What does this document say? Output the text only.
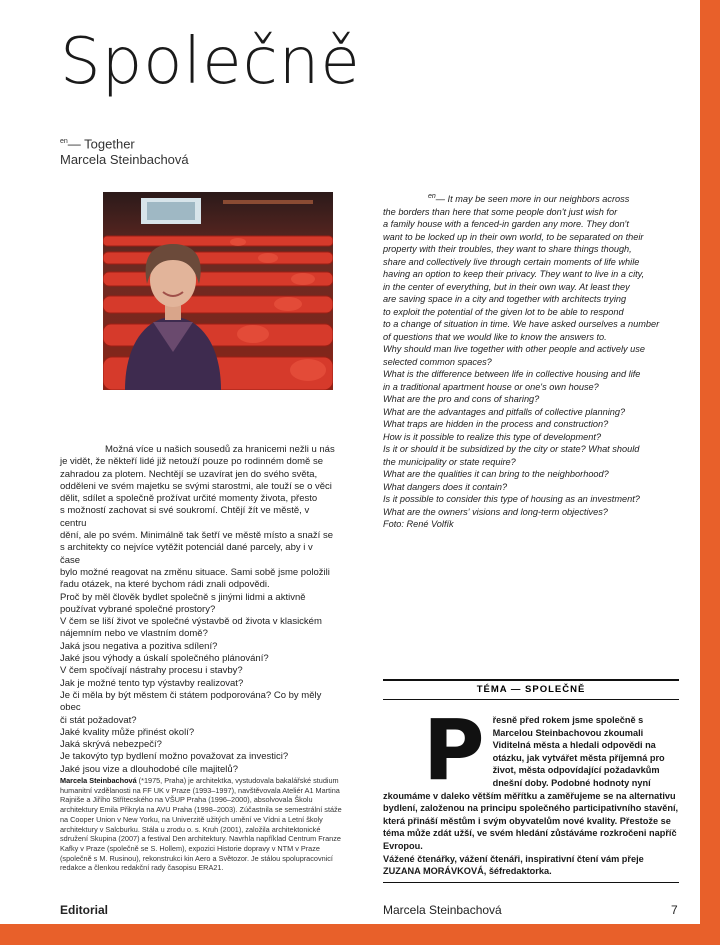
Společně
$^{en}$— Together
Marcela Steinbachová

$^{en}$— It may be seen more in our neighbors across

the borders than here that some people don't just wish for

a family house with a fenced-in garden any more. They don't

want to be locked up in their own world, to be separated on their

property with their troubles, they want to share things though,

share and collectively live through certain moments of life while

having an option to keep their privacy. They want to live in a city,

in the center of everything, but in their own way. At least they

are saving space in a city and together with architects trying

to exploit the potential of the given lot to be able to respond

to a change of situation in time. We have asked ourselves a number

of questions that we would like to know the answers to.

Why should man live together with other people and actively use

selected common spaces?

What is the difference between life in collective housing and life

in a traditional apartment house or one's own house?

What are the pro and cons of sharing?

What are the advantages and pitfalls of collective planning?

What traps are hidden in the process and construction?

How is it possible to realize this type of development?

Is it or should it be subsidized by the city or state? What should

the municipality or state require?

What are the qualities it can bring to the neighborhood?

What dangers does it contain?

Is it possible to consider this type of housing as an investment?

What are the owners' visions and long-term objectives?

Foto: René Volfík

Možná více u našich sousedů za hranicemi nežli u nás

je vidět, že někteří lidé již netouží pouze po rodinném domě se

zahradou za plotem. Nechtějí se uzavírat jen do svého světa,

odděleni ve svém majetku se svými starostmi, ale touží se o věci

dělit, sdílet a společně prožívat určité momenty života, přesto

s možností zachovat si své soukromí. Chtějí žít ve městě, v centru

dění, ale po svém. Minimálně tak šetří ve městě místo a snaží se

s architekty co nejvíce vytěžit potenciál dané parcely, aby i v čase

bylo možné reagovat na změnu situace. Sami sobě jsme položili

řadu otázek, na které bychom rádi znali odpovědi.

Proč by měl člověk bydlet společně s jinými lidmi a aktivně

používat vybrané společné prostory?

V čem se liší život ve společné výstavbě od života v klasickém

nájemním nebo ve vlastním domě?

Jaká jsou negativa a pozitiva sdílení?

Jaké jsou výhody a úskalí společného plánování?

V čem spočívají nástrahy procesu i stavby?

Jak je možné tento typ výstavby realizovat?

Je či měla by být městem či státem podporována? Co by měly obec

či stát požadovat?

Jaké kvality může přinést okolí?

Jaká skrývá nebezpečí?

Je takovýto typ bydlení možno považovat za investici?

Jaké jsou vize a dlouhodobé cíle majitelů?

Marcela Steinbachová (*1975, Praha) je architektka, vystudovala bakalářské studium humanitní vzdělanosti na FF UK v Praze (1993–1997), navštěvovala Ateliér A1 Martina Rajniše a Jiřího Střítecského na VŠUP Praha (1996–2000), absolvovala Školu architektury Emila Přikryla na AVU Praha (1998–2003). Zúčastnila se semestrální stáže na Cooper Union v New Yorku, na Univerzitě užitých umění ve Vídni a Letní školy architektury v Salcburku. Stála u zrodu o. s. Kruh (2001), založila architektonické sdružení Skupina (2007) a festival Den architektury. Navrhla například Centrum Franze Kafky v Praze (společně se S. Hollem), expozici Historie dopravy v NTM v Praze (společně s M. Rusinou), rekonstrukci kin Aero a Světozor. Je stálou spolupracovnicí redakce a členkou redakční rady časopisu ERA21.
TÉMA — SPOLEČNĚ
Přesně před rokem jsme společně s Marcelou Steinbachovou zkoumali Viditelná města a hledali odpovědi na otázku, jak vytvářet města příjemná pro život, města odpovídající požadavkům dnešní doby. Podobné hodnoty nyní zkoumáme v daleko větším měřítku a zaměřujeme se na alternativu bydlení, založenou na principu společného participativního stavění, která přináší městům i svým obyvatelům nové kvality. Přestože se téma může zdát užší, ve svém hledání zůstáváme rozkročeni napříč Evropou.
Vážené čtenářky, vážení čtenáři, inspirativní čtení vám přeje ZUZANA MORÁVKOVÁ, šéfredaktorka.
Editorial	Marcela Steinbachová	7
